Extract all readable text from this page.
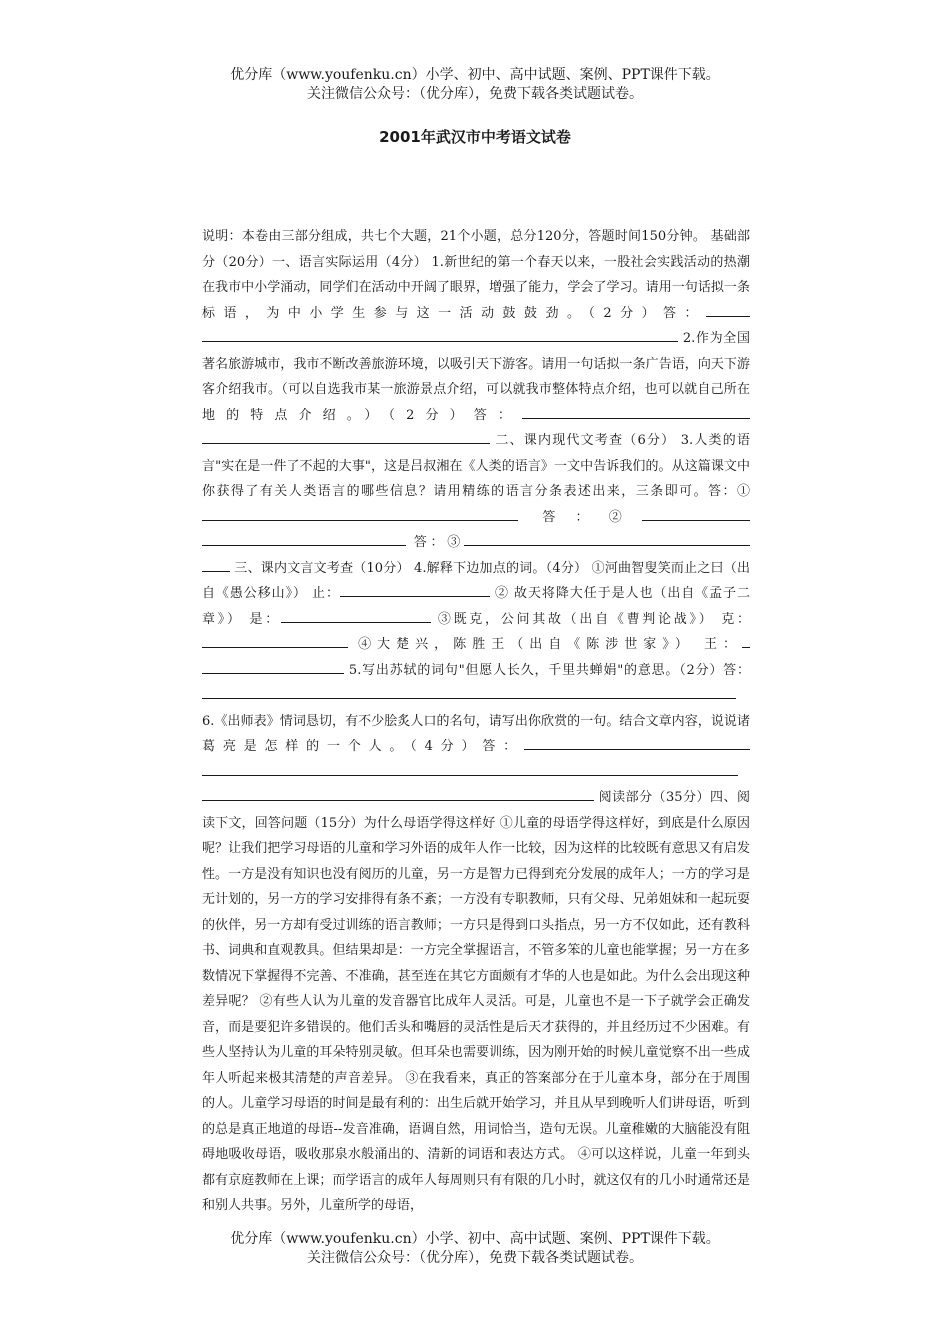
优分库（www.youfenku.cn）小学、初中、高中试题、案例、PPT课件下载。
关注微信公众号：（优分库），免费下载各类试题试卷。
2001年武汉市中考语文试卷

说明：本卷由三部分组成，共七个大题，21个小题，总分120分，答题时间150分钟。 基础部分（20分）一、语言实际运用（4分） 1.新世纪的第一个春天以来，一股社会实践活动的热潮在我市中小学涌动，同学们在活动中开阔了眼界，增强了能力，学会了学习。请用一句话拟一条标语，为中小学生参与这一活动鼓鼓劲。（2分）答： 2.作为全国著名旅游城市，我市不断改善旅游环境，以吸引天下游客。请用一句话拟一条广告语，向天下游客介绍我市。（可以自选我市某一旅游景点介绍，可以就我市整体特点介绍，也可以就自己所在地的特点介绍。）（2分）答： 二、课内现代文考查（6分） 3.人类的语言"实在是一件了不起的大事"，这是吕叔湘在《人类的语言》一文中告诉我们的。从这篇课文中你获得了有关人类语言的哪些信息？请用精练的语言分条表述出来，三条即可。答：① 答：② 答：③ 三、课内文言文考查（10分） 4.解释下边加点的词。（4分） ①河曲智叟笑而止之曰（出自《愚公移山》） 止：	② 故天将降大任于是人也（出自《孟子二章》） 是：	③既克，公问其故（出自《曹判论战》） 克： ④大楚兴，陈胜王（出自《陈涉世家》） 王： 5.写出苏轼的词句"但愿人长久，千里共蝉娟"的意思。（2分）答： 6.《出师表》情词恳切，有不少脍炙人口的名句，请写出你欣赏的一句。结合文章内容，说说诸葛亮是怎样的一个人。（4分）答： 阅读部分（35分）四、阅读下文，回答问题（15分）为什么母语学得这样好 ①儿童的母语学得这样好，到底是什么原因呢？让我们把学习母语的儿童和学习外语的成年人作一比较，因为这样的比较既有意思又有启发性。一方是没有知识也没有阅历的儿童，另一方是智力已得到充分发展的成年人；一方的学习是无计划的，另一方的学习安排得有条不紊；一方没有专职教师，只有父母、兄弟姐妹和一起玩耍的伙伴，另一方却有受过训练的语言教师；一方只是得到口头指点，另一方不仅如此，还有教科书、词典和直观教具。但结果却是：一方完全掌握语言，不管多笨的儿童也能掌握；另一方在多数情况下掌握得不完善、不准确，甚至连在其它方面颇有才华的人也是如此。为什么会出现这种差异呢？ ②有些人认为儿童的发音器官比成年人灵活。可是，儿童也不是一下子就学会正确发音，而是要犯许多错误的。他们舌头和嘴唇的灵活性是后天才获得的，并且经历过不少困难。有些人坚持认为儿童的耳朵特别灵敏。但耳朵也需要训练，因为刚开始的时候儿童觉察不出一些成年人听起来极其清楚的声音差异。 ③在我看来，真正的答案部分在于儿童本身，部分在于周围的人。儿童学习母语的时间是最有利的：出生后就开始学习，并且从早到晚听人们讲母语，听到的总是真正地道的母语--发音准确，语调自然，用词恰当，造句无误。儿童稚嫩的大脑能没有阻碍地吸收母语，吸收那泉水般涌出的、清新的词语和表达方式。 ④可以这样说，儿童一年到头都有京庭教师在上课；而学语言的成年人每周则只有有限的几小时，就这仅有的几小时通常还是和别人共事。另外，儿童所学的母语，

优分库（www.youfenku.cn）小学、初中、高中试题、案例、PPT课件下载。
关注微信公众号：（优分库），免费下载各类试题试卷。
